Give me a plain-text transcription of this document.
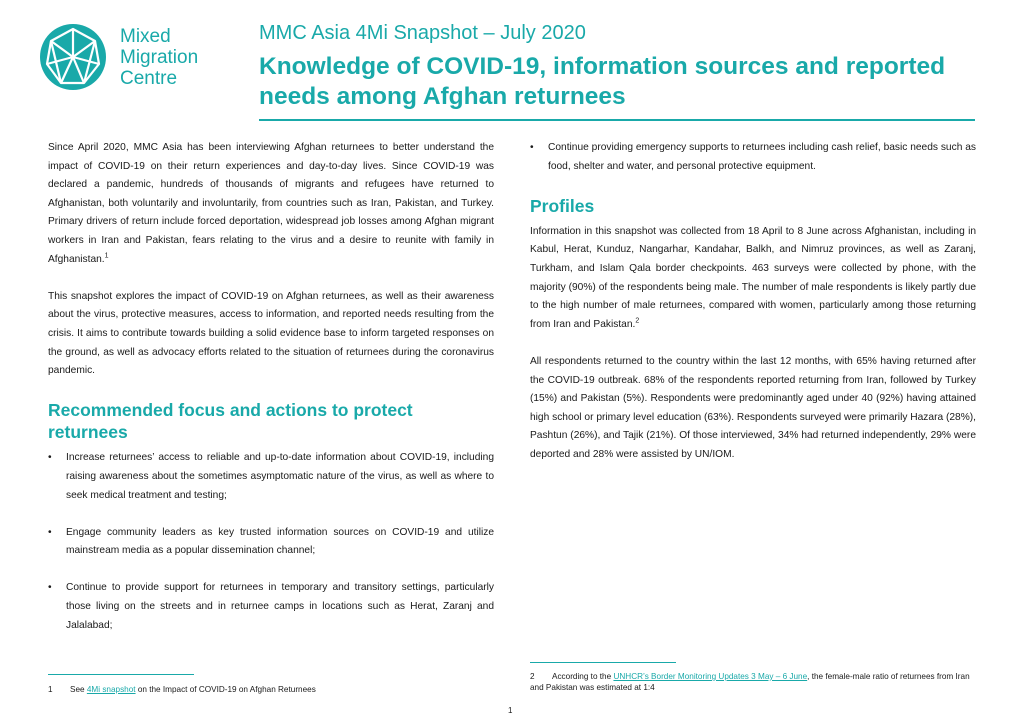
Mixed
Migration
Centre
MMC Asia 4Mi Snapshot – July 2020
Knowledge of COVID-19, information sources and reported needs among Afghan returnees

Since April 2020, MMC Asia has been interviewing Afghan returnees to better understand the impact of COVID-19 on their return experiences and day-to-day lives. Since COVID-19 was declared a pandemic, hundreds of thousands of migrants and refugees have returned to Afghanistan, both voluntarily and involuntarily, from countries such as Iran, Pakistan, and Turkey. Primary drivers of return include forced deportation, widespread job losses among Afghan migrant workers in Iran and Pakistan, fears relating to the virus and a desire to reunite with family in Afghanistan.$^1$

This snapshot explores the impact of COVID-19 on Afghan returnees, as well as their awareness about the virus, protective measures, access to information, and reported needs resulting from the crisis. It aims to contribute towards building a solid evidence base to inform targeted responses on the ground, as well as advocacy efforts related to the situation of returnees during the coronavirus pandemic.

Recommended focus and actions to protect returnees
• Increase returnees’ access to reliable and up-to-date information about COVID-19, including raising awareness about the sometimes asymptomatic nature of the virus, as well as where to seek medical treatment and testing;
• Engage community leaders as key trusted information sources on COVID-19 and utilize mainstream media as a popular dissemination channel;
• Continue to provide support for returnees in temporary and transitory settings, particularly those living on the streets and in returnee camps in locations such as Herat, Zaranj and Jalalabad;
• Continue providing emergency supports to returnees including cash relief, basic needs such as food, shelter and water, and personal protective equipment.
Profiles

Information in this snapshot was collected from 18 April to 8 June across Afghanistan, including in Kabul, Herat, Kunduz, Nangarhar, Kandahar, Balkh, and Nimruz provinces, as well as Zaranj, Turkham, and Islam Qala border checkpoints. 463 surveys were collected by phone, with the majority (90%) of the respondents being male. The number of male respondents is likely partly due to the high number of male returnees, compared with women, particularly among those returning from Iran and Pakistan.$^2$

All respondents returned to the country within the last 12 months, with 65% having returned after the COVID-19 outbreak. 68% of the respondents reported returning from Iran, followed by Turkey (15%) and Pakistan (5%). Respondents were predominantly aged under 40 (92%) having attained high school or primary level education (63%). Respondents surveyed were primarily Hazara (28%), Pashtun (26%), and Tajik (21%). Of those interviewed, 34% had returned independently, 29% were deported and 28% were assisted by UN/IOM.

1 See 4Mi snapshot on the Impact of COVID-19 on Afghan Returnees
2 According to the UNHCR’s Border Monitoring Updates 3 May – 6 June, the female-male ratio of returnees from Iran and Pakistan was estimated at 1:4
1
